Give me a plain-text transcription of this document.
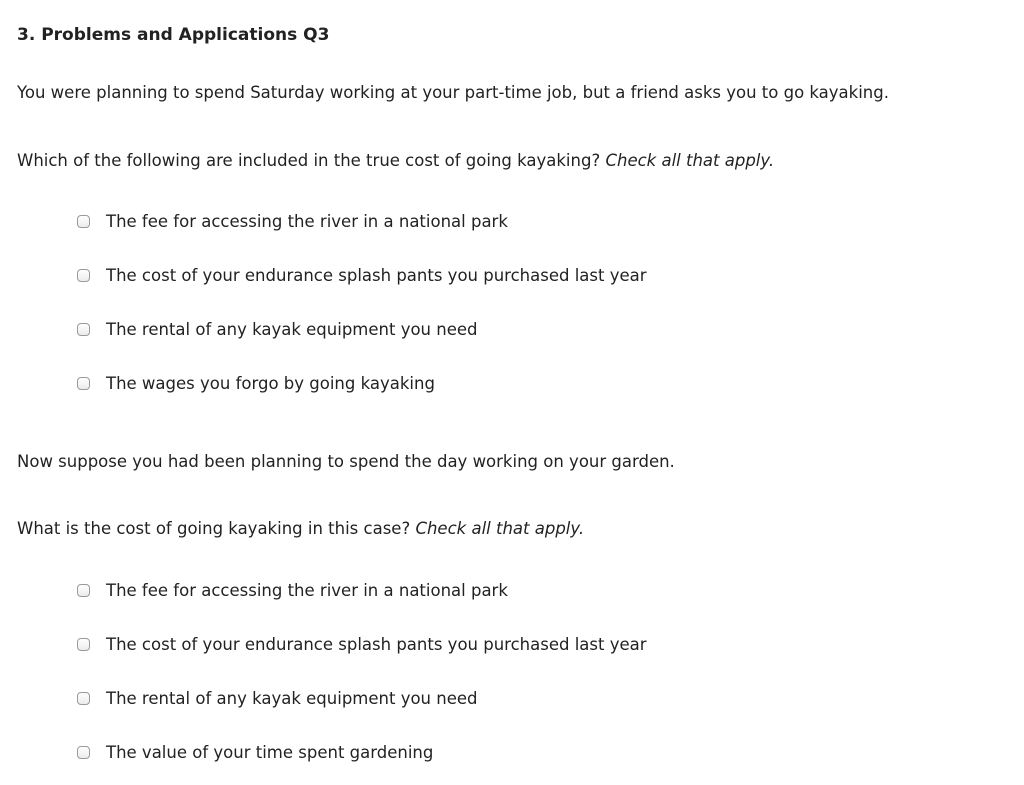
3. Problems and Applications Q3
You were planning to spend Saturday working at your part-time job, but a friend asks you to go kayaking.
Which of the following are included in the true cost of going kayaking? Check all that apply.
The fee for accessing the river in a national park
The cost of your endurance splash pants you purchased last year
The rental of any kayak equipment you need
The wages you forgo by going kayaking
Now suppose you had been planning to spend the day working on your garden.
What is the cost of going kayaking in this case? Check all that apply.
The fee for accessing the river in a national park
The cost of your endurance splash pants you purchased last year
The rental of any kayak equipment you need
The value of your time spent gardening
